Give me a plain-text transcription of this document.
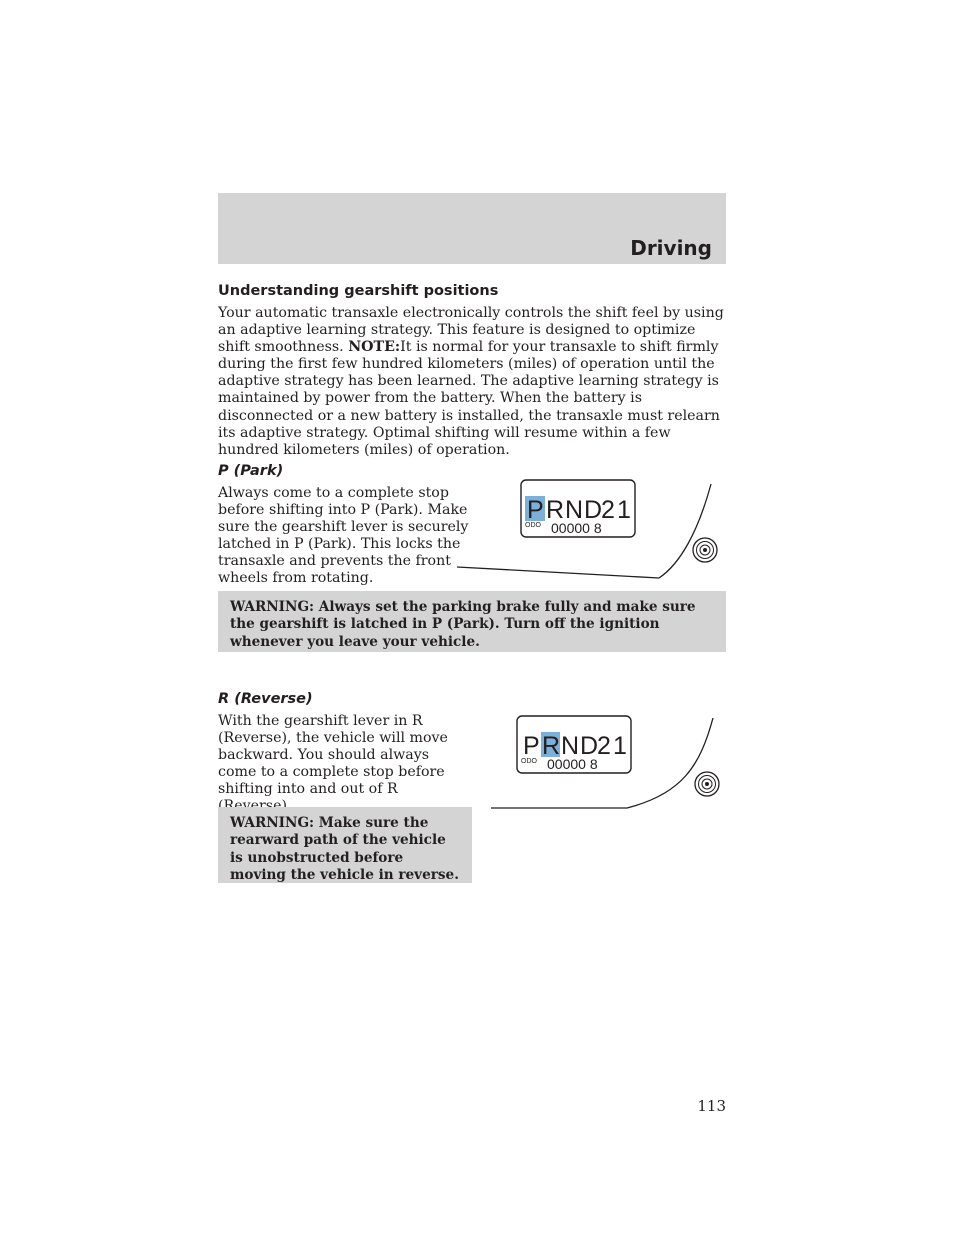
Driving
Understanding gearshift positions

Your automatic transaxle electronically controls the shift feel by using an adaptive learning strategy. This feature is designed to optimize shift smoothness. NOTE:It is normal for your transaxle to shift firmly during the first few hundred kilometers (miles) of operation until the adaptive strategy has been learned. The adaptive learning strategy is maintained by power from the battery. When the battery is disconnected or a new battery is installed, the transaxle must relearn its adaptive strategy. Optimal shifting will resume within a few hundred kilometers (miles) of operation.

P (Park)

Always come to a complete stop before shifting into P (Park). Make sure the gearshift lever is securely latched in P (Park). This locks the transaxle and prevents the front wheels from rotating.

P R N D
2 1
ODO 00000 8
WARNING: Always set the parking brake fully and make sure the gearshift is latched in P (Park). Turn off the ignition whenever you leave your vehicle.
R (Reverse)

With the gearshift lever in R (Reverse), the vehicle will move backward. You should always come to a complete stop before shifting into and out of R

P R N D
2 1
ODO 00000 8
WARNING: Make sure the rearward path of the vehicle is unobstructed before moving the vehicle in reverse.
113
